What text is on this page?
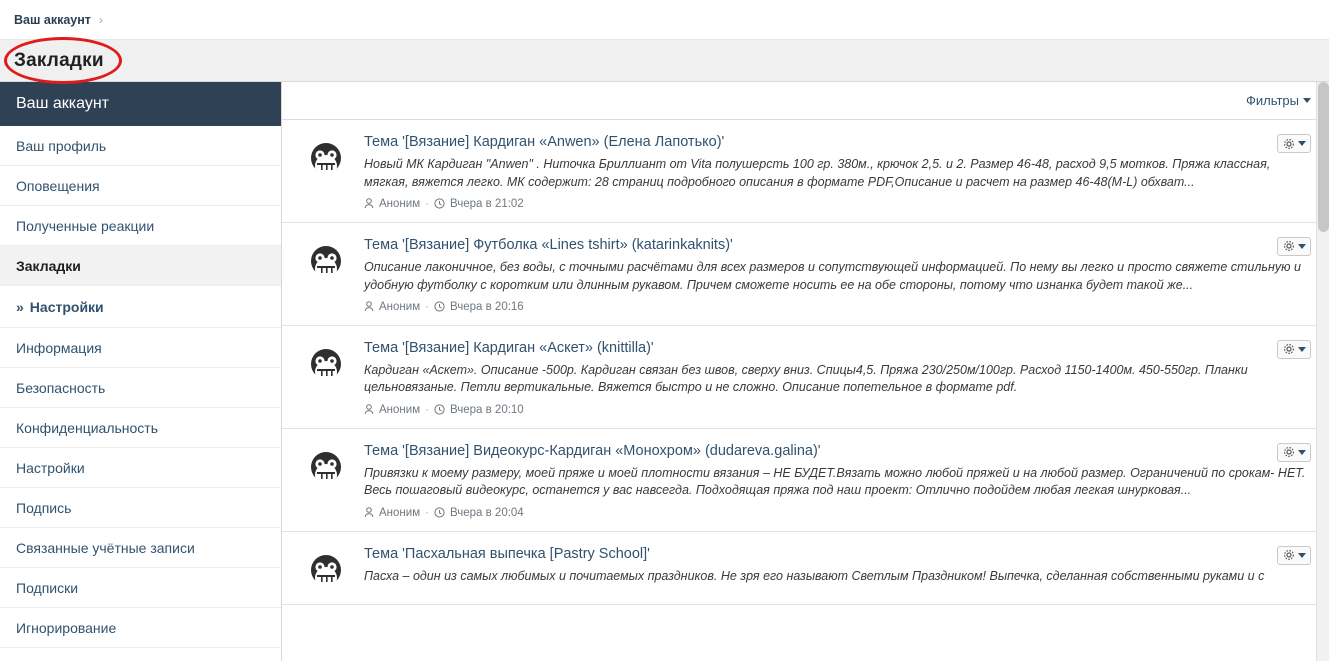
Ваш аккаунт ›
Закладки
Ваш аккаунт
Ваш профиль
Оповещения
Полученные реакции
Закладки
» Настройки
Информация
Безопасность
Конфиденциальность
Настройки
Подпись
Связанные учётные записи
Подписки
Игнорирование
Фильтры
Тема '[Вязание] Кардиган «Anwen» (Елена Лапотько)'
Новый МК Кардиган "Anwen" . Ниточка Бриллиант от Vita полушерсть 100 гр. 380м., крючок 2,5. и 2. Размер 46-48, расход 9,5 мотков. Пряжа классная, мягкая, вяжется легко. МК содержит: 28 страниц подробного описания в формате PDF,Описание и расчет на размер 46-48(M-L) обхват...
Аноним · Вчера в 21:02
Тема '[Вязание] Футболка «Lines tshirt» (katarinkaknits)'
Описание лаконичное, без воды, с точными расчётами для всех размеров и сопутствующей информацией. По нему вы легко и просто свяжете стильную и удобную футболку с коротким или длинным рукавом. Причем сможете носить ее на обе стороны, потому что изнанка будет такой же...
Аноним · Вчера в 20:16
Тема '[Вязание] Кардиган «Аскет» (knittilla)'
Кардиган «Аскет». Описание -500р. Кардиган связан без швов, сверху вниз. Спицы4,5. Пряжа 230/250м/100гр. Расход 1150-1400м. 450-550гр. Планки цельновязаные. Петли вертикальные. Вяжется быстро и не сложно. Описание попетельное в формате pdf.
Аноним · Вчера в 20:10
Тема '[Вязание] Видеокурс-Кардиган «Монохром» (dudareva.galina)'
Привязки к моему размеру, моей пряже и моей плотности вязания – НЕ БУДЕТ.Вязать можно любой пряжей и на любой размер. Ограничений по срокам- НЕТ. Весь пошаговый видеокурс, останется у вас навсегда. Подходящая пряжа под наш проект: Отлично подойдем любая легкая шнурковая...
Аноним · Вчера в 20:04
Тема 'Пасхальная выпечка [Pastry School]'
Пасха – один из самых любимых и почитаемых праздников. Не зря его называют Светлым Праздником! Выпечка, сделанная собственными руками и с
